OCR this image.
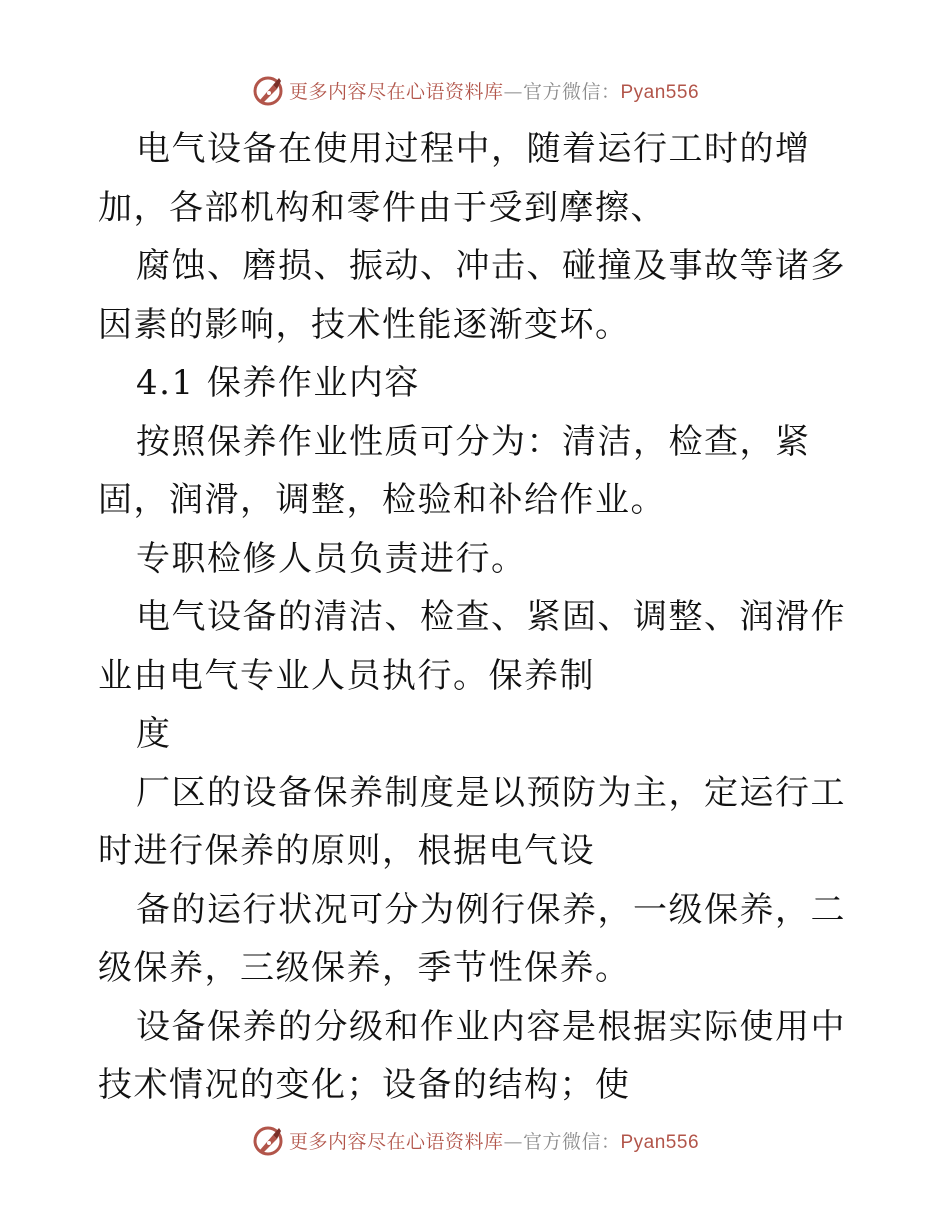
更多内容尽在心语资料库—官方微信：Pyan556

电气设备在使用过程中，随着运行工时的增加，各部机构和零件由于受到摩擦、

腐蚀、磨损、振动、冲击、碰撞及事故等诸多因素的影响，技术性能逐渐变坏。

4.1 保养作业内容

按照保养作业性质可分为：清洁，检查，紧固，润滑，调整，检验和补给作业。

专职检修人员负责进行。

电气设备的清洁、检查、紧固、调整、润滑作业由电气专业人员执行。保养制

度

厂区的设备保养制度是以预防为主，定运行工时进行保养的原则，根据电气设

备的运行状况可分为例行保养，一级保养，二级保养，三级保养，季节性保养。

设备保养的分级和作业内容是根据实际使用中技术情况的变化；设备的结构；使

更多内容尽在心语资料库—官方微信：Pyan556
